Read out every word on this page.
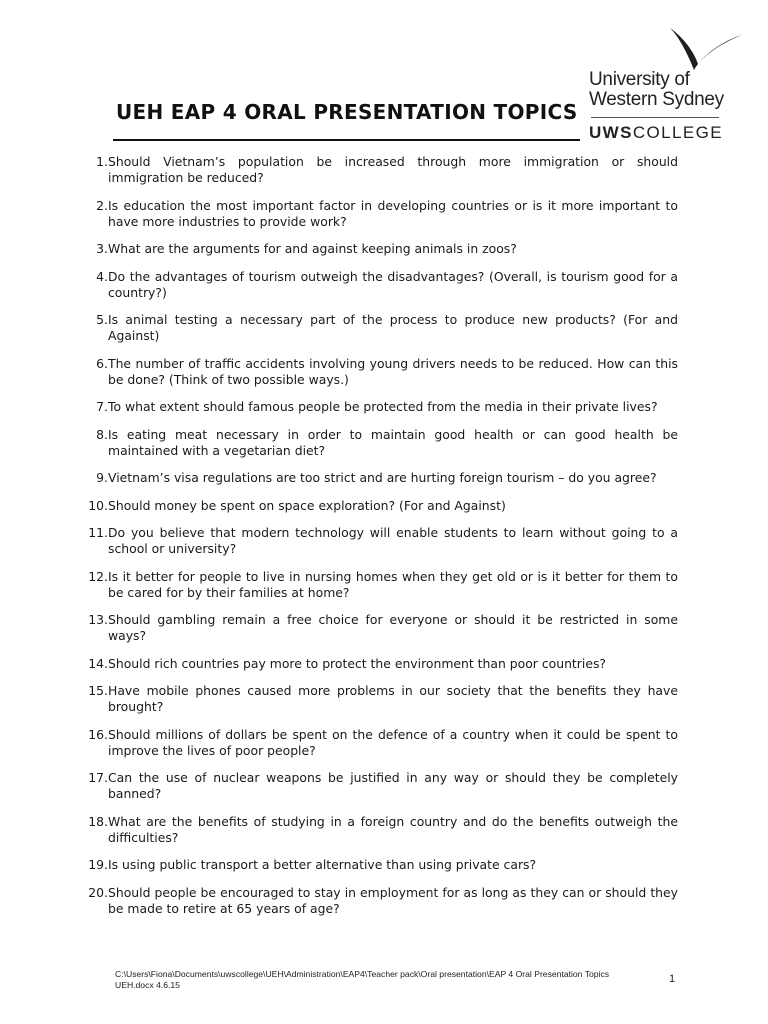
University of
Western Sydney
UWSCOLLEGE
UEH EAP 4 ORAL PRESENTATION TOPICS
1. Should Vietnam’s population be increased through more immigration or should immigration be reduced?
2. Is education the most important factor in developing countries or is it more important to have more industries to provide work?
3. What are the arguments for and against keeping animals in zoos?
4. Do the advantages of tourism outweigh the disadvantages? (Overall, is tourism good for a country?)
5. Is animal testing a necessary part of the process to produce new products? (For and Against)
6. The number of traffic accidents involving young drivers needs to be reduced. How can this be done? (Think of two possible ways.)
7. To what extent should famous people be protected from the media in their private lives?
8. Is eating meat necessary in order to maintain good health or can good health be maintained with a vegetarian diet?
9. Vietnam’s visa regulations are too strict and are hurting foreign tourism – do you agree?
10. Should money be spent on space exploration? (For and Against)
11. Do you believe that modern technology will enable students to learn without going to a school or university?
12. Is it better for people to live in nursing homes when they get old or is it better for them to be cared for by their families at home?
13. Should gambling remain a free choice for everyone or should it be restricted in some ways?
14. Should rich countries pay more to protect the environment than poor countries?
15. Have mobile phones caused more problems in our society that the benefits they have brought?
16. Should millions of dollars be spent on the defence of a country when it could be spent to improve the lives of poor people?
17. Can the use of nuclear weapons be justified in any way or should they be completely banned?
18. What are the benefits of studying in a foreign country and do the benefits outweigh the difficulties?
19. Is using public transport a better alternative than using private cars?
20. Should people be encouraged to stay in employment for as long as they can or should they be made to retire at 65 years of age?
C:\Users\Fiona\Documents\uwscollege\UEH\Administration\EAP4\Teacher pack\Oral presentation\EAP 4 Oral Presentation Topics
UEH.docx 4.6.15	1
